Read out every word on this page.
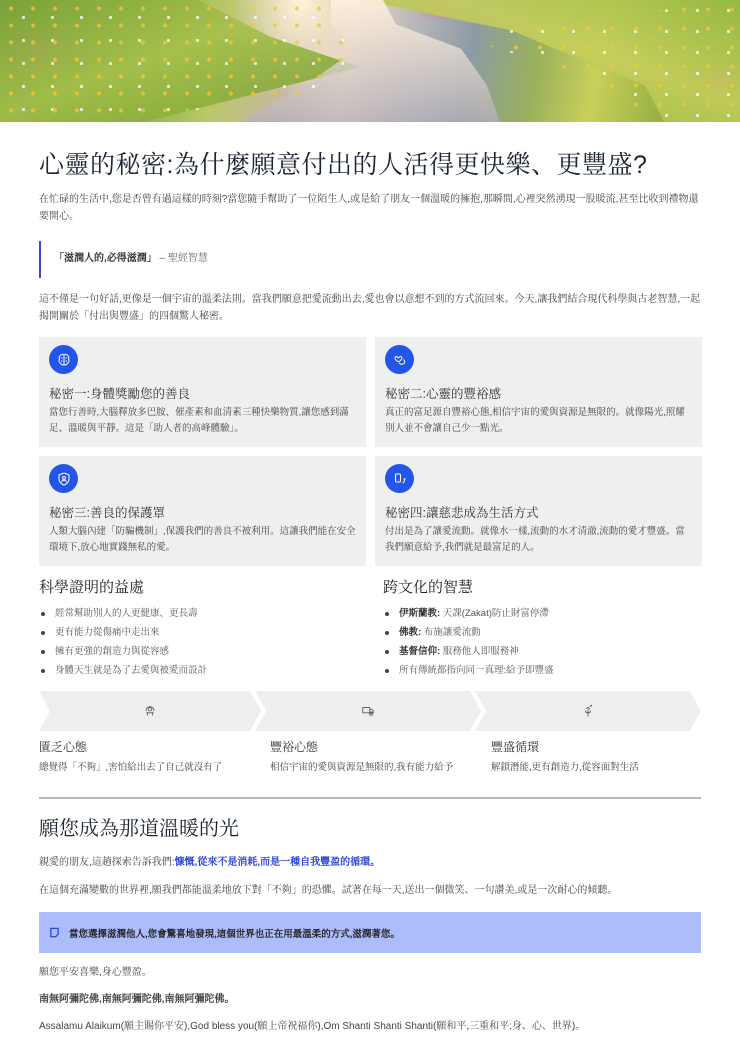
心靈的秘密:為什麼願意付出的人活得更快樂、更豐盛?

在忙碌的生活中,您是否曾有過這樣的時刻?當您隨手幫助了一位陌生人,或是給了朋友一個溫暖的擁抱,那瞬間,心裡突然湧現一股暖流,甚至比收到禮物還要開心。

「滋潤人的,必得滋潤」 – 聖經智慧

這不僅是一句好話,更像是一個宇宙的溫柔法則。當我們願意把愛流動出去,愛也會以意想不到的方式流回來。今天,讓我們結合現代科學與古老智慧,一起揭開關於「付出與豐盛」的四個驚人秘密。

秘密一:身體獎勵您的善良

當您行善時,大腦釋放多巴胺、催產素和血清素三種快樂物質,讓您感到滿足、溫暖與平靜。這是「助人者的高峰體驗」。

秘密二:心靈的豐裕感

真正的富足源自豐裕心態,相信宇宙的愛與資源是無限的。就像陽光,照耀別人並不會讓自己少一點光。

秘密三:善良的保護罩

人類大腦內建「防騙機制」,保護我們的善良不被利用。這讓我們能在安全環境下,放心地實踐無私的愛。

秘密四:讓慈悲成為生活方式

付出是為了讓愛流動。就像水一樣,流動的水才清澈,流動的愛才豐盛。當我們願意給予,我們就是最富足的人。

科學證明的益處
經常幫助別人的人更健康、更長壽
更有能力從傷痛中走出來
擁有更強的創造力與從容感
身體天生就是為了去愛與被愛而設計
跨文化的智慧
伊斯蘭教: 天課(Zakat)防止財富停滯
佛教: 布施讓愛流動
基督信仰: 服務他人即服務神
所有傳統都指向同一真理:給予即豐盛
匱乏心態

總覺得「不夠」,害怕給出去了自己就沒有了

豐裕心態

相信宇宙的愛與資源是無限的,我有能力給予

豐盛循環

解鎖潛能,更有創造力,從容面對生活

願您成為那道溫暖的光

親愛的朋友,這趟探索告訴我們:慷慨,從來不是消耗,而是一種自我豐盈的循環。

在這個充滿變數的世界裡,願我們都能溫柔地放下對「不夠」的恐懼。試著在每一天,送出一個微笑、一句讚美,或是一次耐心的傾聽。

當您選擇滋潤他人,您會驚喜地發現,這個世界也正在用最溫柔的方式,滋潤著您。

願您平安喜樂,身心豐盈。

南無阿彌陀佛,南無阿彌陀佛,南無阿彌陀佛。

Assalamu Alaikum(願主賜你平安),God bless you(願上帝祝福你),Om Shanti Shanti Shanti(願和平,三重和平:身、心、世界)。
